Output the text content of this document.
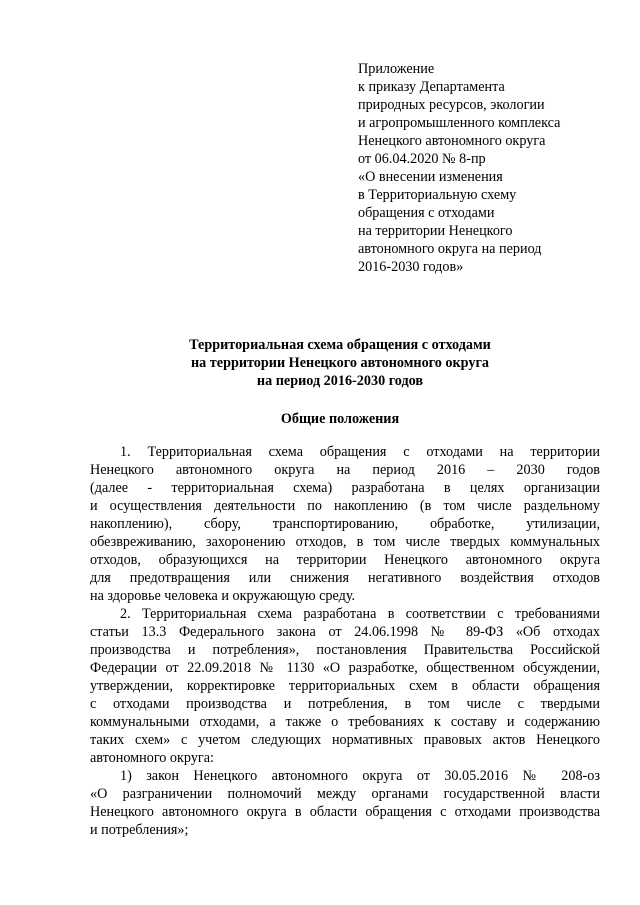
Приложение
к приказу Департамента
природных ресурсов, экологии
и агропромышленного комплекса
Ненецкого автономного округа
от 06.04.2020 № 8-пр
«О внесении изменения
в Территориальную схему
обращения с отходами
на территории Ненецкого
автономного округа на период
2016-2030 годов»
Территориальная схема обращения с отходами
на территории Ненецкого автономного округа
на период 2016-2030 годов
Общие положения
1. Территориальная схема обращения с отходами на территории
Ненецкого автономного округа на период 2016 – 2030 годов
(далее - территориальная схема) разработана в целях организации
и осуществления деятельности по накоплению (в том числе раздельному
накоплению), сбору, транспортированию, обработке, утилизации,
обезвреживанию, захоронению отходов, в том числе твердых коммунальных
отходов, образующихся на территории Ненецкого автономного округа
для предотвращения или снижения негативного воздействия отходов
на здоровье человека и окружающую среду.
2. Территориальная схема разработана в соответствии с требованиями
статьи 13.3 Федерального закона от 24.06.1998 № 89-ФЗ «Об отходах
производства и потребления», постановления Правительства Российской
Федерации от 22.09.2018 № 1130 «О разработке, общественном обсуждении,
утверждении, корректировке территориальных схем в области обращения
с отходами производства и потребления, в том числе с твердыми
коммунальными отходами, а также о требованиях к составу и содержанию
таких схем» с учетом следующих нормативных правовых актов Ненецкого
автономного округа:
1) закон Ненецкого автономного округа от 30.05.2016 № 208-оз
«О разграничении полномочий между органами государственной власти
Ненецкого автономного округа в области обращения с отходами производства
и потребления»;
